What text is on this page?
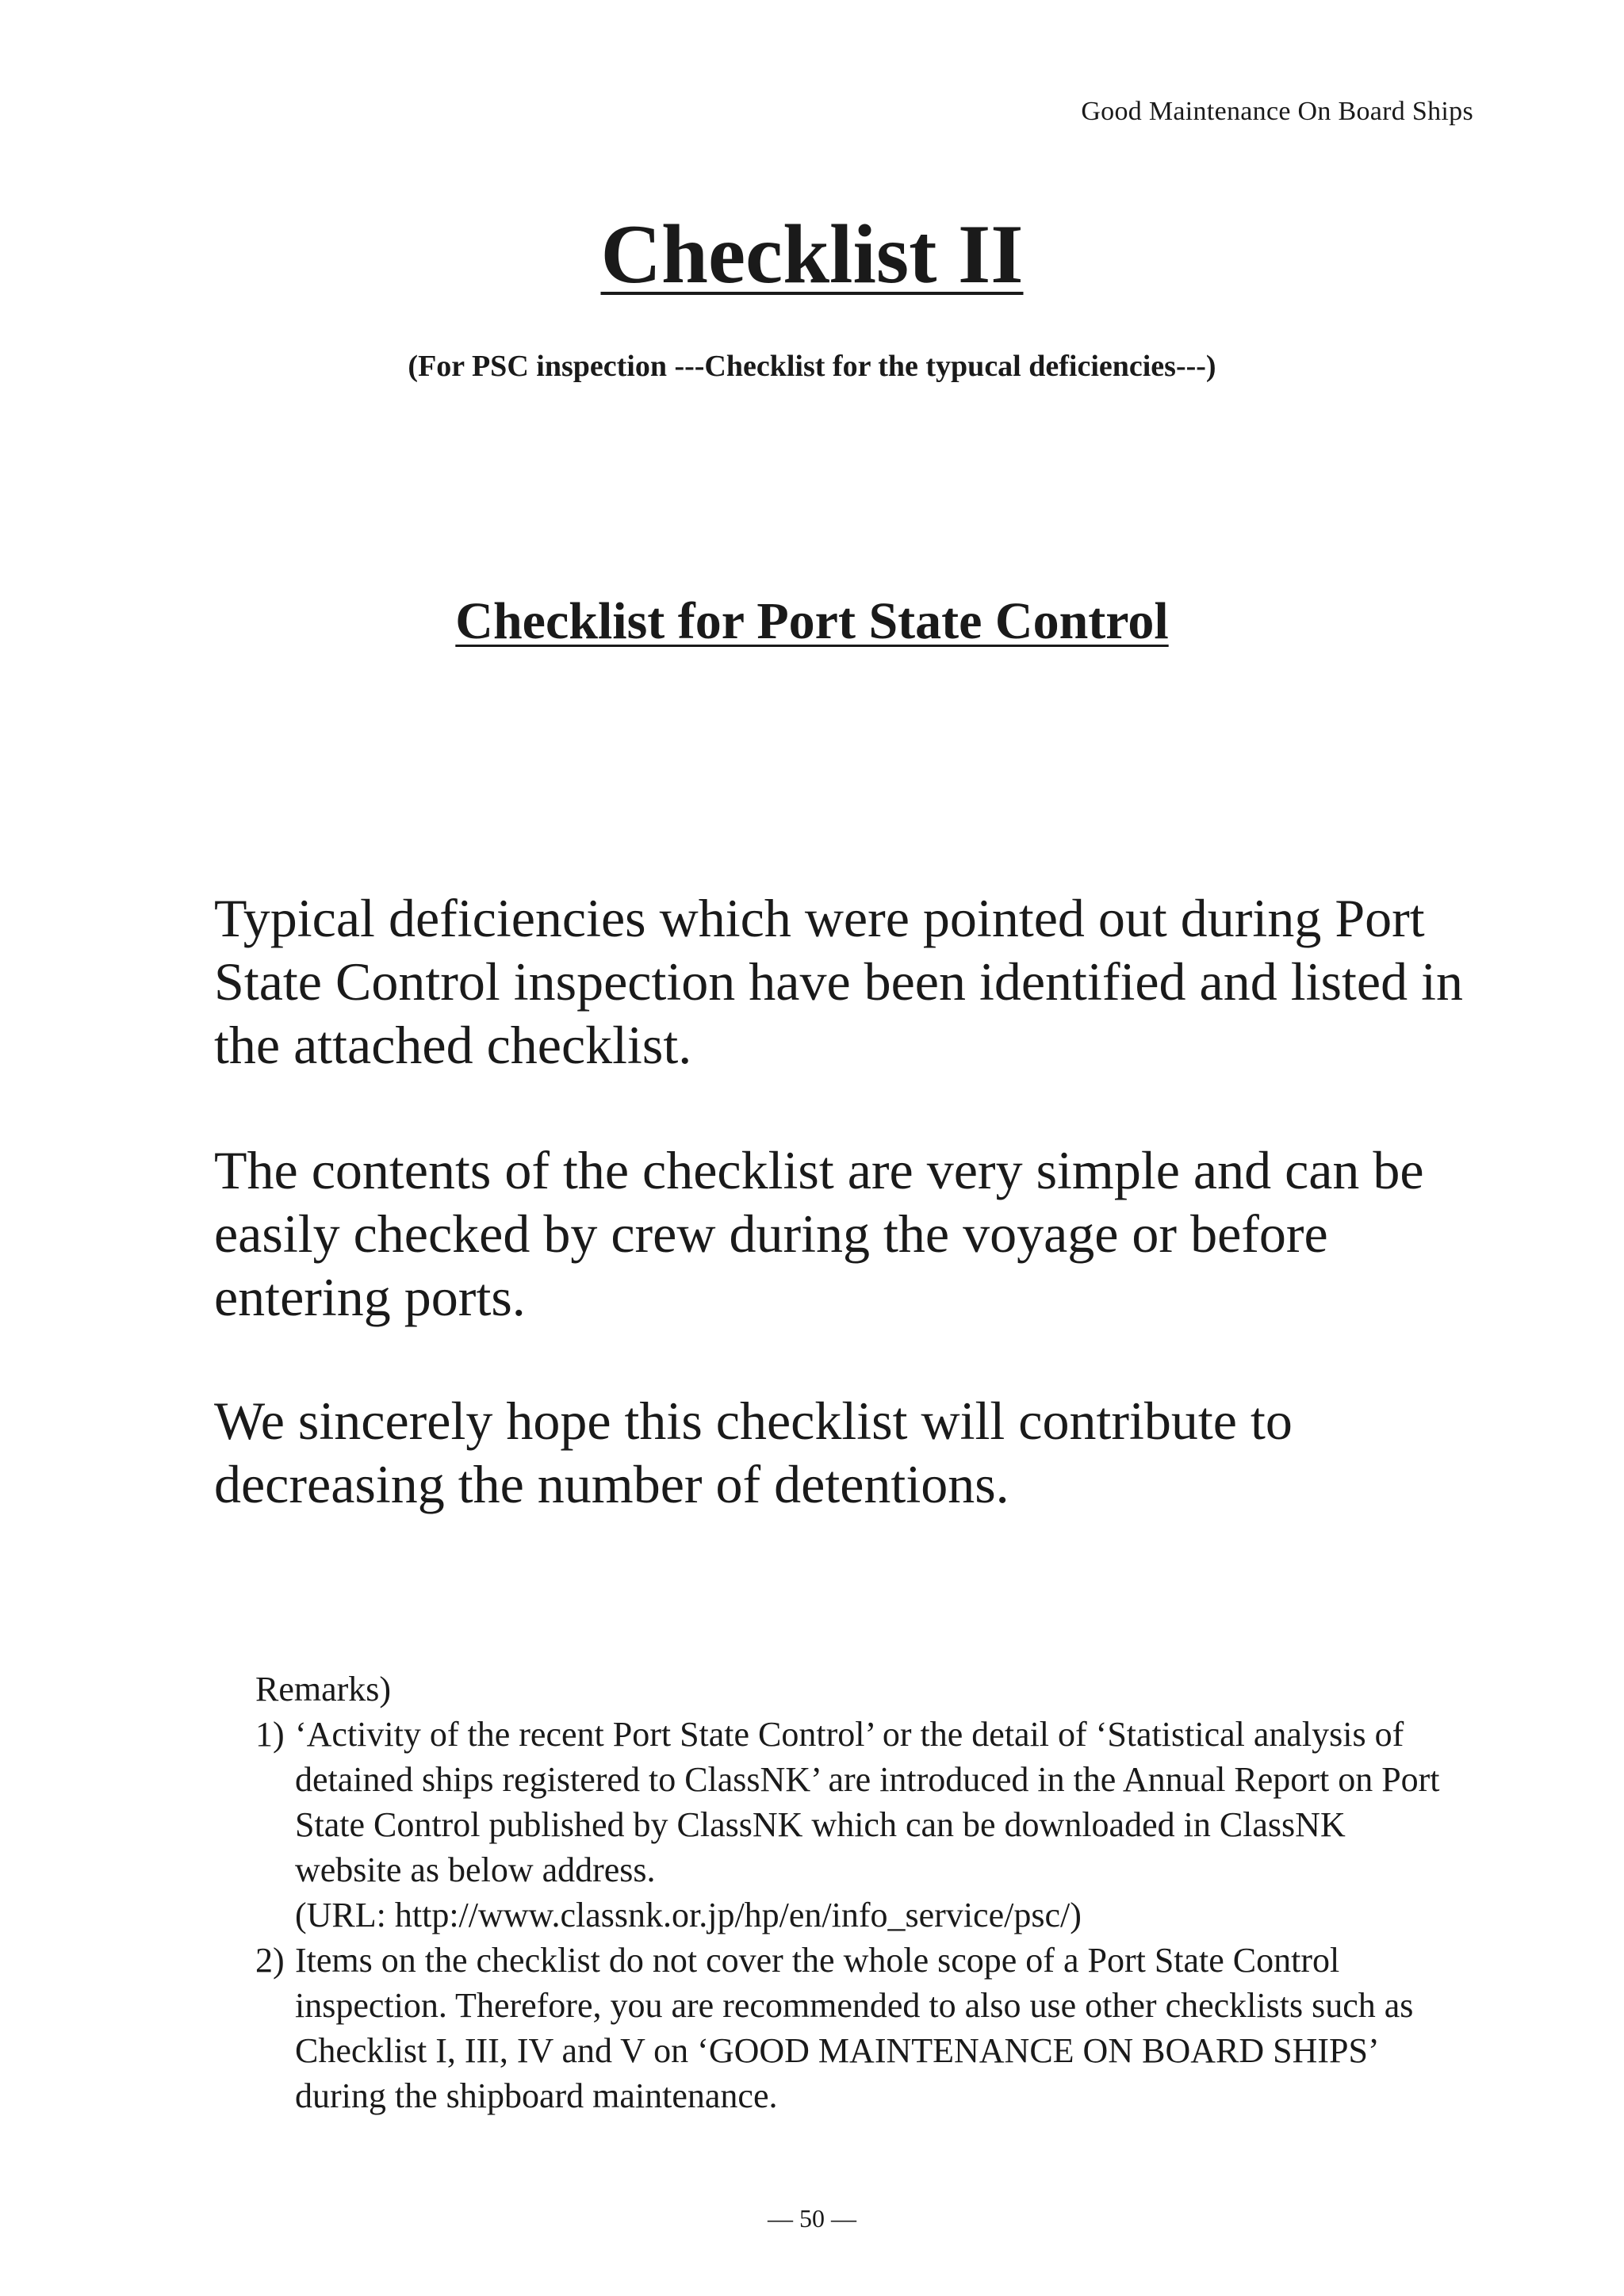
Good Maintenance On Board Ships
Checklist II
(For PSC inspection ---Checklist for the typucal deficiencies---)
Checklist for Port State Control

Typical deficiencies which were pointed out during Port State Control inspection have been identified and listed in the attached checklist.

The contents of the checklist are very simple and can be easily checked by crew during the voyage or before entering ports.

We sincerely hope this checklist will contribute to decreasing the number of detentions.

Remarks)

1) ‘Activity of the recent Port State Control’ or the detail of ‘Statistical analysis of detained ships registered to ClassNK’ are introduced in the Annual Report on Port State Control published by ClassNK which can be downloaded in ClassNK website as below address.
(URL: http://www.classnk.or.jp/hp/en/info_service/psc/)
2) Items on the checklist do not cover the whole scope of a Port State Control inspection. Therefore, you are recommended to also use other checklists such as Checklist I, III, IV and V on ‘GOOD MAINTENANCE ON BOARD SHIPS’ during the shipboard maintenance.
— 50 —
